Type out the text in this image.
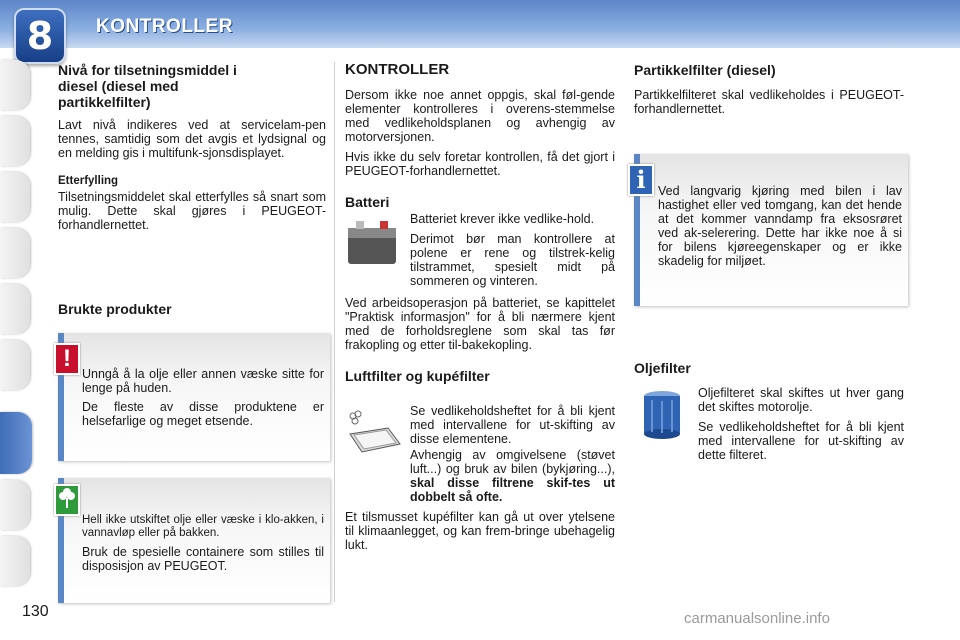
8	KONTROLLER
Nivå for tilsetningsmiddel i diesel (diesel med partikkelfilter)

Lavt nivå indikeres ved at servicelam-pen tennes, samtidig som det avgis et lydsignal og en melding gis i multifunk-sjonsdisplayet.

Etterfylling

Tilsetningsmiddelet skal etterfylles så snart som mulig. Dette skal gjøres i PEUGEOT-forhandlernettet.

Brukte produkter

Unngå å la olje eller annen væske sitte for lenge på huden.

De fleste av disse produktene er helsefarlige og meget etsende.

!

Hell ikke utskiftet olje eller væske i klo-akken, i vannavløp eller på bakken.

Bruk de spesielle containere som stilles til disposisjon av PEUGEOT.

KONTROLLER

Dersom ikke noe annet oppgis, skal føl-gende elementer kontrolleres i overens-stemmelse med vedlikeholdsplanen og avhengig av motorversjonen.

Hvis ikke du selv foretar kontrollen, få det gjort i PEUGEOT-forhandlernettet.

Batteri

Batteriet krever ikke vedlike-hold.

Derimot bør man kontrollere at polene er rene og tilstrek-kelig tilstrammet, spesielt midt på sommeren og vinteren.

Ved arbeidsoperasjon på batteriet, se kapittelet "Praktisk informasjon" for å bli nærmere kjent med de forholdsreglene som skal tas før frakopling og etter til-bakekopling.

Luftfilter og kupéfilter

Se vedlikeholdsheftet for å bli kjent med intervallene for ut-skifting av disse elementene.

Avhengig av omgivelsene (støvet luft...) og bruk av bilen (bykjøring...), skal disse filtrene skif-tes ut dobbelt så ofte.

Et tilsmusset kupéfilter kan gå ut over ytelsene til klimaanlegget, og kan frem-bringe ubehagelig lukt.

Partikkelfilter (diesel)

Partikkelfilteret skal vedlikeholdes i PEUGEOT-forhandlernettet.

Ved langvarig kjøring med bilen i lav hastighet eller ved tomgang, kan det hende at det kommer vanndamp fra eksosrøret ved ak-selerering. Dette har ikke noe å si for bilens kjøreegenskaper og er ikke skadelig for miljøet.

i
Oljefilter

Oljefilteret skal skiftes ut hver gang det skiftes motorolje.

Se vedlikeholdsheftet for å bli kjent med intervallene for ut-skifting av dette filteret.

130	carmanualsonline.info
